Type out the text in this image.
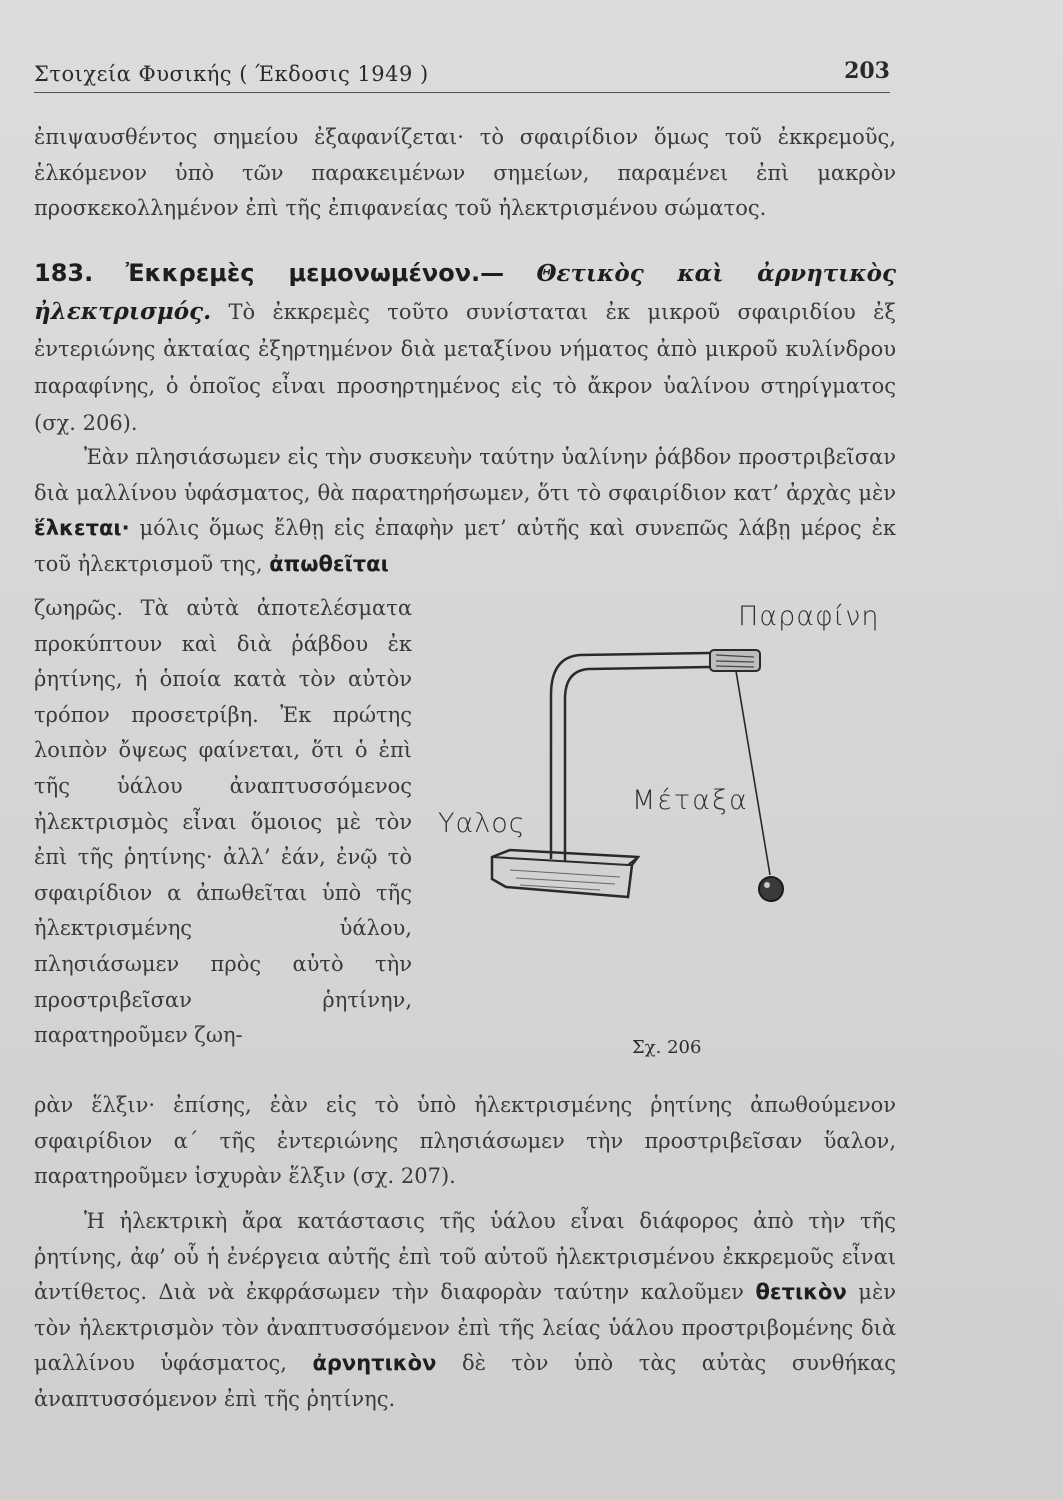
Στοιχεία Φυσικής ( Έκδοσις 1949 )	203
ἐπιψαυσθέντος σημείου ἐξαφανίζεται· τὸ σφαιρίδιον ὅμως τοῦ ἐκκρεμοῦς, ἑλκόμενον ὑπὸ τῶν παρακειμένων σημείων, παραμένει ἐπὶ μακρὸν προσκεκολλημένον ἐπὶ τῆς ἐπιφανείας τοῦ ἠλεκτρισμένου σώματος.
183. Ἐκκρεμὲς μεμονωμένον.— Θετικὸς καὶ ἀρνητικὸς ἠλεκτρισμός. Τὸ ἐκκρεμὲς τοῦτο συνίσταται ἐκ μικροῦ σφαιριδίου ἐξ ἐντεριώνης ἀκταίας ἐξηρτημένον διὰ μεταξίνου νήματος ἀπὸ μικροῦ κυλίνδρου παραφίνης, ὁ ὁποῖος εἶναι προσηρτημένος εἰς τὸ ἄκρον ὑαλίνου στηρίγματος (σχ. 206).
Ἐὰν πλησιάσωμεν εἰς τὴν συσκευὴν ταύτην ὑαλίνην ῥάβδον προστριβεῖσαν διὰ μαλλίνου ὑφάσματος, θὰ παρατηρήσωμεν, ὅτι τὸ σφαιρίδιον κατ’ ἀρχὰς μὲν ἕλκεται· μόλις ὅμως ἔλθῃ εἰς ἐπαφὴν μετ’ αὐτῆς καὶ συνεπῶς λάβῃ μέρος ἐκ τοῦ ἠλεκτρισμοῦ της, ἀπωθεῖται
ζωηρῶς. Τὰ αὐτὰ ἀποτελέσματα προκύπτουν καὶ διὰ ῥάβδου ἐκ ῥητίνης, ἡ ὁποία κατὰ τὸν αὐτὸν τρόπον προσετρίβη. Ἐκ πρώτης λοιπὸν ὄψεως φαίνεται, ὅτι ὁ ἐπὶ τῆς ὑάλου ἀναπτυσσόμενος ἠλεκτρισμὸς εἶναι ὅμοιος μὲ τὸν ἐπὶ τῆς ῥητίνης· ἀλλ’ ἐάν, ἐνῷ τὸ σφαιρίδιον α ἀπωθεῖται ὑπὸ τῆς ἠλεκτρισμένης ὑάλου, πλησιάσωμεν πρὸς αὐτὸ τὴν προστριβεῖσαν ῥητίνην, παρατηροῦμεν ζωη-
Παραφίνη
Μέταξα
Υαλος
Σχ. 206
ρὰν ἕλξιν· ἐπίσης, ἐὰν εἰς τὸ ὑπὸ ἠλεκτρισμένης ῥητίνης ἀπωθούμενον σφαιρίδιον α΄ τῆς ἐντεριώνης πλησιάσωμεν τὴν προστριβεῖσαν ὕαλον, παρατηροῦμεν ἰσχυρὰν ἕλξιν (σχ. 207).
Ἡ ἠλεκτρικὴ ἄρα κατάστασις τῆς ὑάλου εἶναι διάφορος ἀπὸ τὴν τῆς ῥητίνης, ἀφ’ οὗ ἡ ἐνέργεια αὐτῆς ἐπὶ τοῦ αὐτοῦ ἠλεκτρισμένου ἐκκρεμοῦς εἶναι ἀντίθετος. Διὰ νὰ ἐκφράσωμεν τὴν διαφορὰν ταύτην καλοῦμεν θετικὸν μὲν τὸν ἠλεκτρισμὸν τὸν ἀναπτυσσόμενον ἐπὶ τῆς λείας ὑάλου προστριβομένης διὰ μαλλίνου ὑφάσματος, ἀρνητικὸν δὲ τὸν ὑπὸ τὰς αὐτὰς συνθήκας ἀναπτυσσόμενον ἐπὶ τῆς ῥητίνης.
